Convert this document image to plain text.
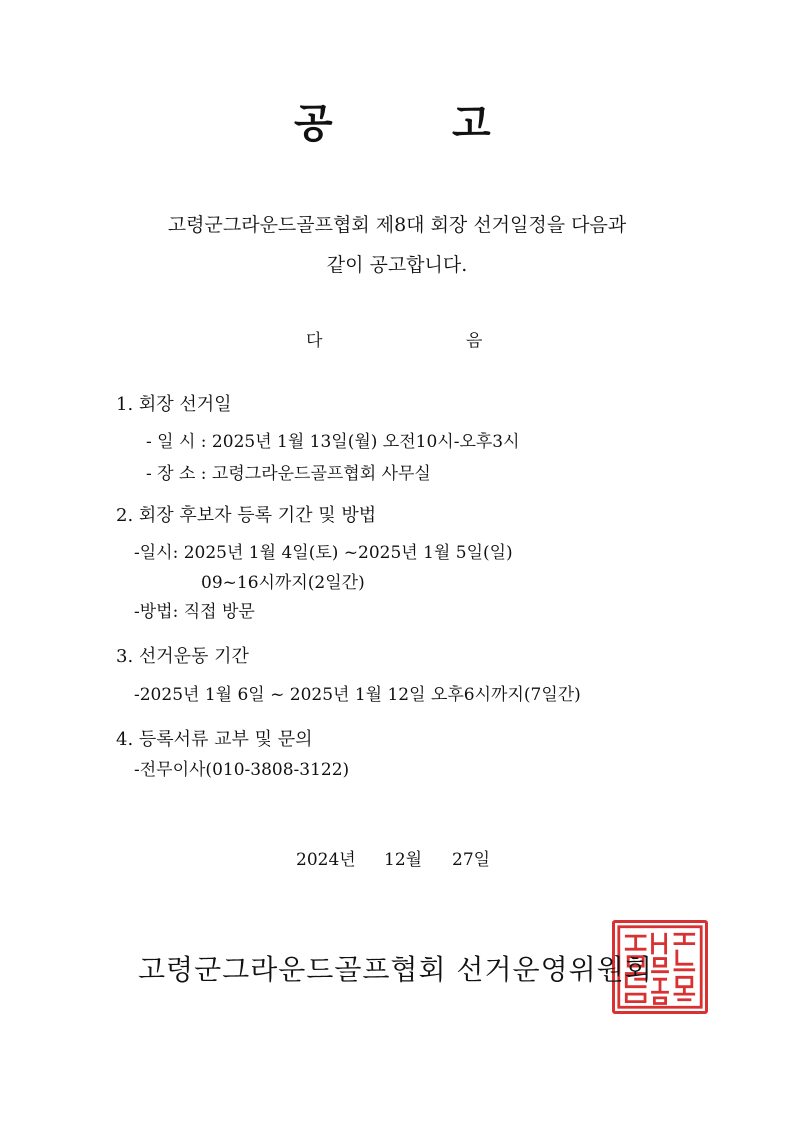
공	고
고령군그라운드골프협회 제8대 회장 선거일정을 다음과
같이 공고합니다.
다	음
1. 회장 선거일
- 일 시 : 2025년 1월 13일(월) 오전10시-오후3시
- 장 소 : 고령그라운드골프협회 사무실
2. 회장 후보자 등록 기간 및 방법
-일시: 2025년 1월 4일(토) ~2025년 1월 5일(일)
09~16시까지(2일간)
-방법: 직접 방문
3. 선거운동 기간
-2025년 1월 6일 ~ 2025년 1월 12일 오후6시까지(7일간)
4. 등록서류 교부 및 문의
-전무이사(010-3808-3122)
2024년 12월 27일
고령군그라운드골프협회 선거운영위원회
